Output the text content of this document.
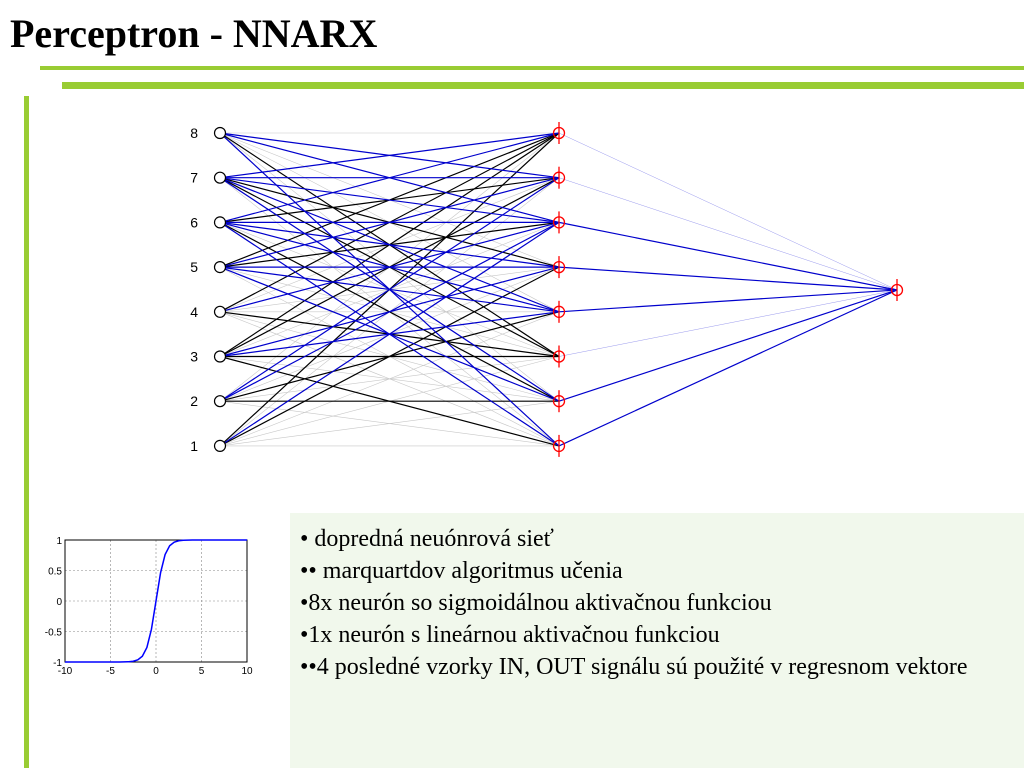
Perceptron - NNARX
8
7
6
5
4
3
2
1
-10	-5	0	5	10
1
0.5
0
-0.5
-1
• dopredná neuónrová sieť
•• marquartdov algoritmus učenia
•8x neurón so sigmoidálnou aktivačnou funkciou
•1x neurón s lineárnou aktivačnou funkciou
••4 posledné vzorky IN, OUT signálu sú použité v regresnom vektore
